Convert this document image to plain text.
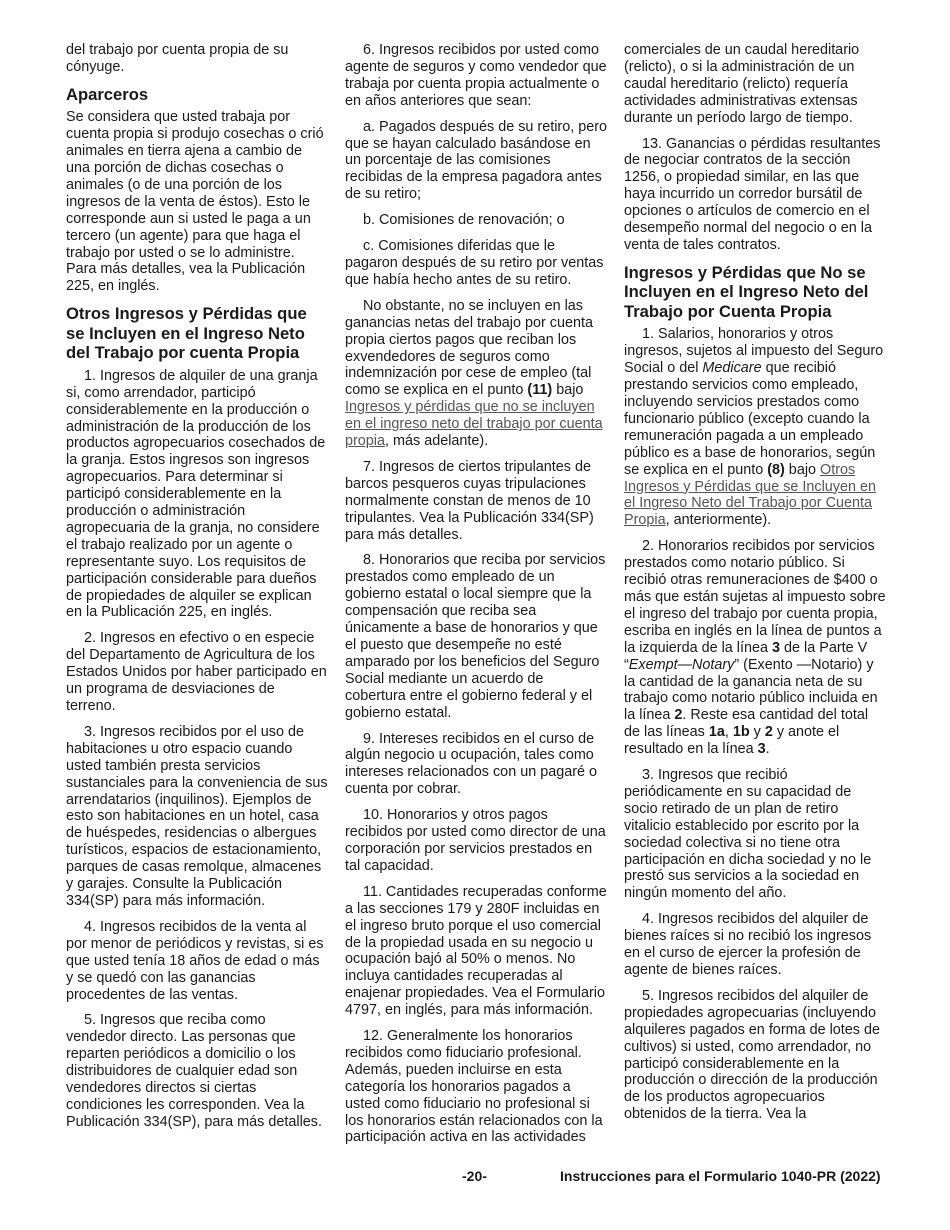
del trabajo por cuenta propia de su cónyuge.

Aparceros

Se considera que usted trabaja por cuenta propia si produjo cosechas o crió animales en tierra ajena a cambio de una porción de dichas cosechas o animales (o de una porción de los ingresos de la venta de éstos). Esto le corresponde aun si usted le paga a un tercero (un agente) para que haga el trabajo por usted o se lo administre. Para más detalles, vea la Publicación 225, en inglés.

Otros Ingresos y Pérdidas que se Incluyen en el Ingreso Neto del Trabajo por cuenta Propia

1. Ingresos de alquiler de una granja si, como arrendador, participó considerablemente en la producción o administración de la producción de los productos agropecuarios cosechados de la granja. Estos ingresos son ingresos agropecuarios. Para determinar si participó considerablemente en la producción o administración agropecuaria de la granja, no considere el trabajo realizado por un agente o representante suyo. Los requisitos de participación considerable para dueños de propiedades de alquiler se explican en la Publicación 225, en inglés.

2. Ingresos en efectivo o en especie del Departamento de Agricultura de los Estados Unidos por haber participado en un programa de desviaciones de terreno.

3. Ingresos recibidos por el uso de habitaciones u otro espacio cuando usted también presta servicios sustanciales para la conveniencia de sus arrendatarios (inquilinos). Ejemplos de esto son habitaciones en un hotel, casa de huéspedes, residencias o albergues turísticos, espacios de estacionamiento, parques de casas remolque, almacenes y garajes. Consulte la Publicación 334(SP) para más información.

4. Ingresos recibidos de la venta al por menor de periódicos y revistas, si es que usted tenía 18 años de edad o más y se quedó con las ganancias procedentes de las ventas.

5. Ingresos que reciba como vendedor directo. Las personas que reparten periódicos a domicilio o los distribuidores de cualquier edad son vendedores directos si ciertas condiciones les corresponden. Vea la Publicación 334(SP), para más detalles.

6. Ingresos recibidos por usted como agente de seguros y como vendedor que trabaja por cuenta propia actualmente o en años anteriores que sean:

a. Pagados después de su retiro, pero que se hayan calculado basándose en un porcentaje de las comisiones recibidas de la empresa pagadora antes de su retiro;

b. Comisiones de renovación; o

c. Comisiones diferidas que le pagaron después de su retiro por ventas que había hecho antes de su retiro.

No obstante, no se incluyen en las ganancias netas del trabajo por cuenta propia ciertos pagos que reciban los exvendedores de seguros como indemnización por cese de empleo (tal como se explica en el punto (11) bajo Ingresos y pérdidas que no se incluyen en el ingreso neto del trabajo por cuenta propia, más adelante).

7. Ingresos de ciertos tripulantes de barcos pesqueros cuyas tripulaciones normalmente constan de menos de 10 tripulantes. Vea la Publicación 334(SP) para más detalles.

8. Honorarios que reciba por servicios prestados como empleado de un gobierno estatal o local siempre que la compensación que reciba sea únicamente a base de honorarios y que el puesto que desempeñe no esté amparado por los beneficios del Seguro Social mediante un acuerdo de cobertura entre el gobierno federal y el gobierno estatal.

9. Intereses recibidos en el curso de algún negocio u ocupación, tales como intereses relacionados con un pagaré o cuenta por cobrar.

10. Honorarios y otros pagos recibidos por usted como director de una corporación por servicios prestados en tal capacidad.

11. Cantidades recuperadas conforme a las secciones 179 y 280F incluidas en el ingreso bruto porque el uso comercial de la propiedad usada en su negocio u ocupación bajó al 50% o menos. No incluya cantidades recuperadas al enajenar propiedades. Vea el Formulario 4797, en inglés, para más información.

12. Generalmente los honorarios recibidos como fiduciario profesional. Además, pueden incluirse en esta categoría los honorarios pagados a usted como fiduciario no profesional si los honorarios están relacionados con la participación activa en las actividades

comerciales de un caudal hereditario (relicto), o si la administración de un caudal hereditario (relicto) requería actividades administrativas extensas durante un período largo de tiempo.

13. Ganancias o pérdidas resultantes de negociar contratos de la sección 1256, o propiedad similar, en las que haya incurrido un corredor bursátil de opciones o artículos de comercio en el desempeño normal del negocio o en la venta de tales contratos.

Ingresos y Pérdidas que No se Incluyen en el Ingreso Neto del Trabajo por Cuenta Propia

1. Salarios, honorarios y otros ingresos, sujetos al impuesto del Seguro Social o del Medicare que recibió prestando servicios como empleado, incluyendo servicios prestados como funcionario público (excepto cuando la remuneración pagada a un empleado público es a base de honorarios, según se explica en el punto (8) bajo Otros Ingresos y Pérdidas que se Incluyen en el Ingreso Neto del Trabajo por Cuenta Propia, anteriormente).

2. Honorarios recibidos por servicios prestados como notario público. Si recibió otras remuneraciones de $400 o más que están sujetas al impuesto sobre el ingreso del trabajo por cuenta propia, escriba en inglés en la línea de puntos a la izquierda de la línea 3 de la Parte V “Exempt—Notary” (Exento —Notario) y la cantidad de la ganancia neta de su trabajo como notario público incluida en la línea 2. Reste esa cantidad del total de las líneas 1a, 1b y 2 y anote el resultado en la línea 3.

3. Ingresos que recibió periódicamente en su capacidad de socio retirado de un plan de retiro vitalicio establecido por escrito por la sociedad colectiva si no tiene otra participación en dicha sociedad y no le prestó sus servicios a la sociedad en ningún momento del año.

4. Ingresos recibidos del alquiler de bienes raíces si no recibió los ingresos en el curso de ejercer la profesión de agente de bienes raíces.

5. Ingresos recibidos del alquiler de propiedades agropecuarias (incluyendo alquileres pagados en forma de lotes de cultivos) si usted, como arrendador, no participó considerablemente en la producción o dirección de la producción de los productos agropecuarios obtenidos de la tierra. Vea la

-20-	Instrucciones para el Formulario 1040-PR (2022)
